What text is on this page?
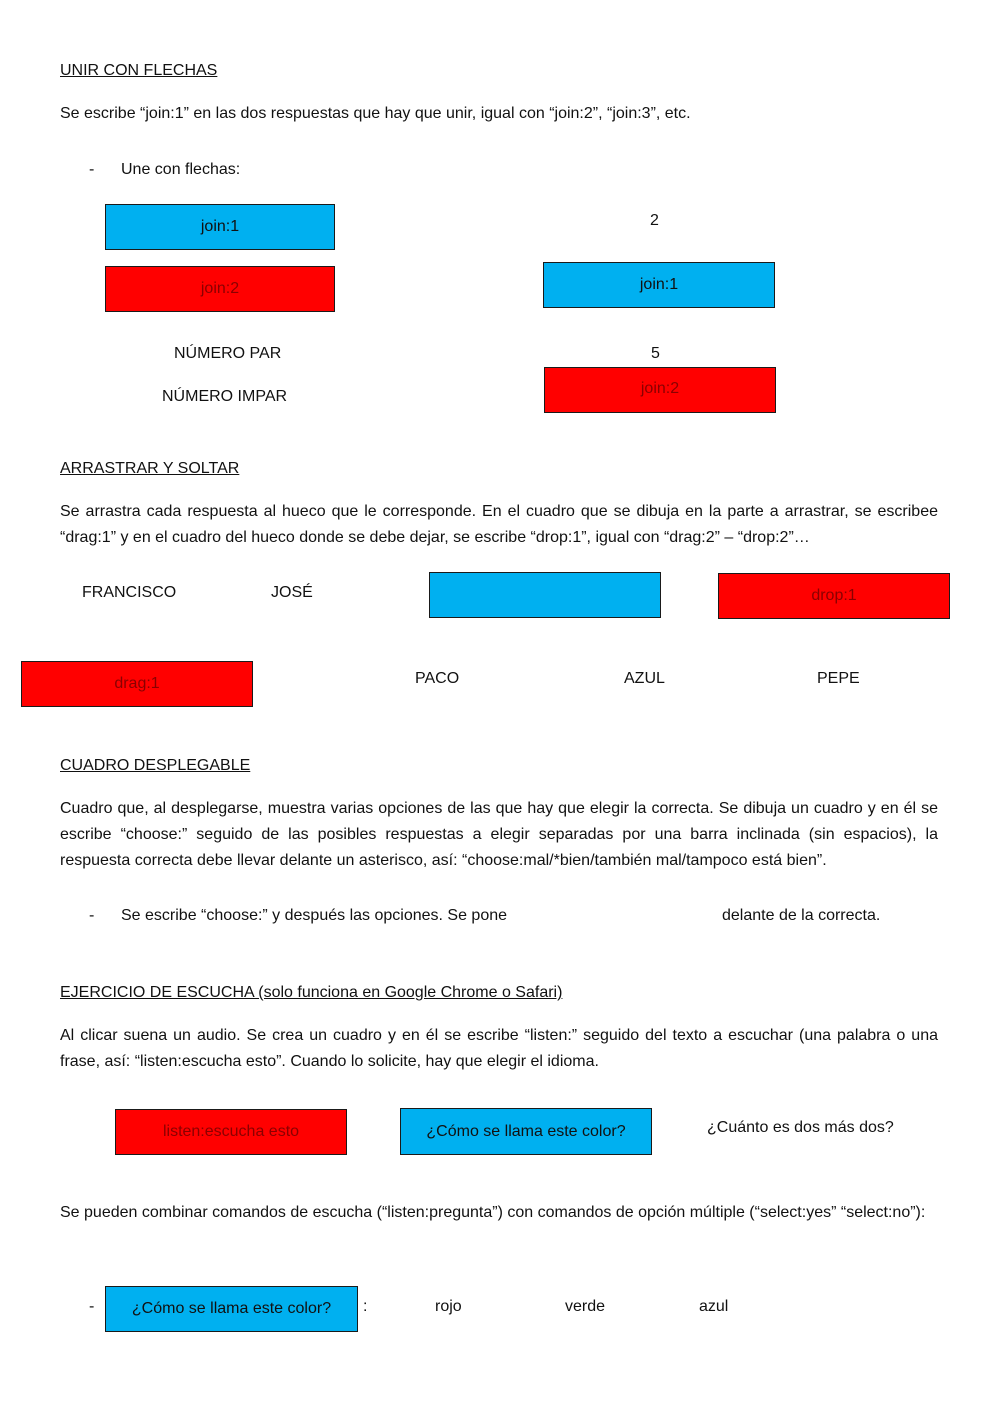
UNIR CON FLECHAS
Se escribe “join:1” en las dos respuestas que hay que unir, igual con “join:2”, “join:3”, etc.
- Une con flechas:
join:1
join:2
2
join:1
NÚMERO PAR	5
NÚMERO IMPAR	join:2
ARRASTRAR Y SOLTAR
Se arrastra cada respuesta al hueco que le corresponde. En el cuadro que se dibuja en la parte a arrastrar, se escribee “drag:1” y en el cuadro del hueco donde se debe dejar, se escribe “drop:1”, igual con “drag:2” – “drop:2”…
FRANCISCO	JOSÉ	drop:1
drag:1	PACO	AZUL	PEPE
CUADRO DESPLEGABLE
Cuadro que, al desplegarse, muestra varias opciones de las que hay que elegir la correcta. Se dibuja un cuadro y en él se escribe “choose:” seguido de las posibles respuestas a elegir separadas por una barra inclinada (sin espacios), la respuesta correcta debe llevar delante un asterisco, así: “choose:mal/*bien/también mal/tampoco está bien”.
- Se escribe “choose:” y después las opciones. Se pone	delante de la correcta.
EJERCICIO DE ESCUCHA (solo funciona en Google Chrome o Safari)
Al clicar suena un audio. Se crea un cuadro y en él se escribe “listen:” seguido del texto a escuchar (una palabra o una frase, así: “listen:escucha esto”. Cuando lo solicite, hay que elegir el idioma.
listen:escucha esto	¿Cómo se llama este color?	¿Cuánto es dos más dos?
Se pueden combinar comandos de escucha (“listen:pregunta”) con comandos de opción múltiple (“select:yes” “select:no”):
-	¿Cómo se llama este color?	:	rojo	verde	azul
